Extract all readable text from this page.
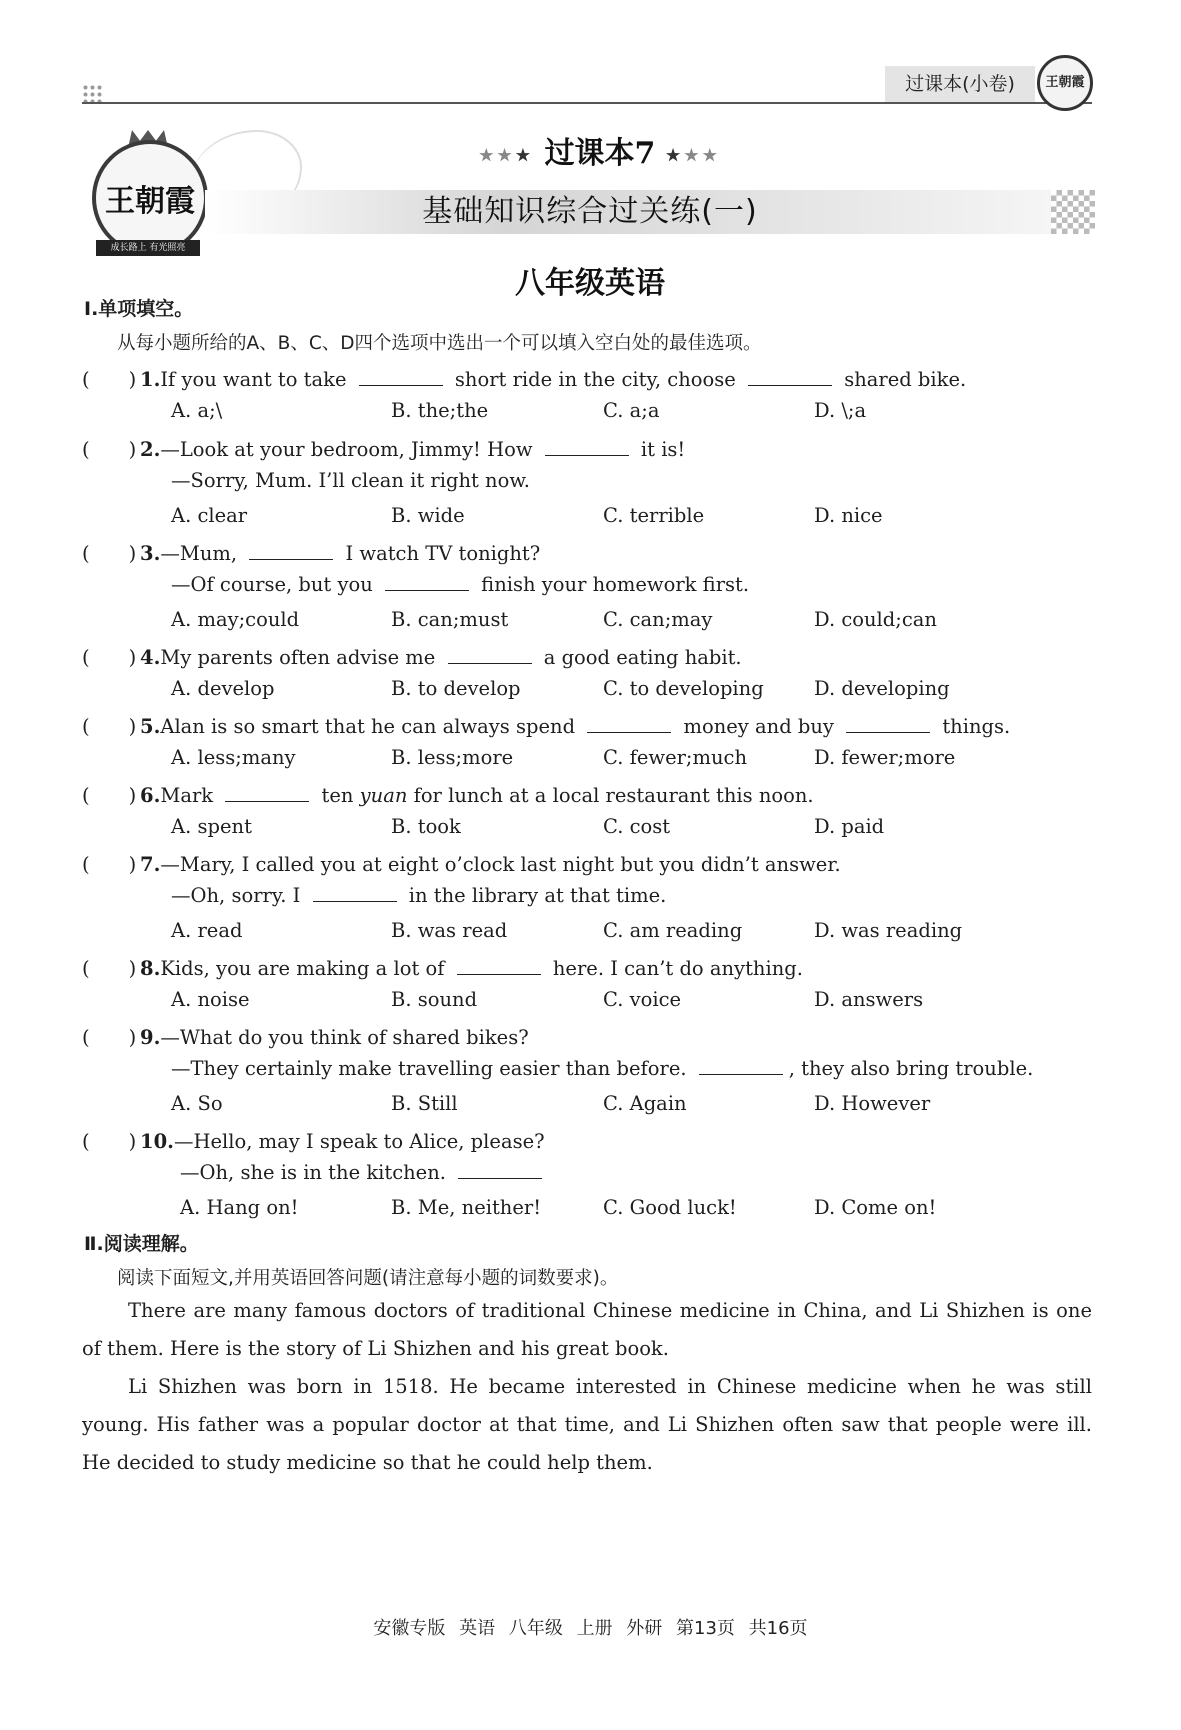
过课本(小卷)	王朝霞
王朝霞
成长路上 有光照亮
★★★ 过课本7 ★★★
基础知识综合过关练(一)
八年级英语
Ⅰ.单项填空。
从每小题所给的A、B、C、D四个选项中选出一个可以填入空白处的最佳选项。
(　　) 1.If you want to take	short ride in the city, choose	shared bike.
A. a;\	B. the;the	C. a;a	D. \;a
(　　) 2.—Look at your bedroom, Jimmy! How	it is!
—Sorry, Mum. I’ll clean it right now.
A. clear	B. wide	C. terrible	D. nice
(　　) 3.—Mum,	I watch TV tonight?
—Of course, but you	finish your homework first.
A. may;could	B. can;must	C. can;may	D. could;can
(　　) 4.My parents often advise me	a good eating habit.
A. develop	B. to develop	C. to developing	D. developing
(　　) 5.Alan is so smart that he can always spend	money and buy	things.
A. less;many	B. less;more	C. fewer;much	D. fewer;more
(　　) 6.Mark	ten yuan for lunch at a local restaurant this noon.
A. spent	B. took	C. cost	D. paid
(　　) 7.—Mary, I called you at eight o’clock last night but you didn’t answer.
—Oh, sorry. I	in the library at that time.
A. read	B. was read	C. am reading	D. was reading
(　　) 8.Kids, you are making a lot of	here. I can’t do anything.
A. noise	B. sound	C. voice	D. answers
(　　) 9.—What do you think of shared bikes?
—They certainly make travelling easier than before.	, they also bring trouble.
A. So	B. Still	C. Again	D. However
(　　) 10.—Hello, may I speak to Alice, please?
—Oh, she is in the kitchen.
A. Hang on!	B. Me, neither!	C. Good luck!	D. Come on!
Ⅱ.阅读理解。
阅读下面短文,并用英语回答问题(请注意每小题的词数要求)。
There are many famous doctors of traditional Chinese medicine in China, and Li Shizhen is one of them. Here is the story of Li Shizhen and his great book.
Li Shizhen was born in 1518. He became interested in Chinese medicine when he was still young. His father was a popular doctor at that time, and Li Shizhen often saw that people were ill. He decided to study medicine so that he could help them.
安徽专版 英语 八年级 上册 外研 第13页 共16页
